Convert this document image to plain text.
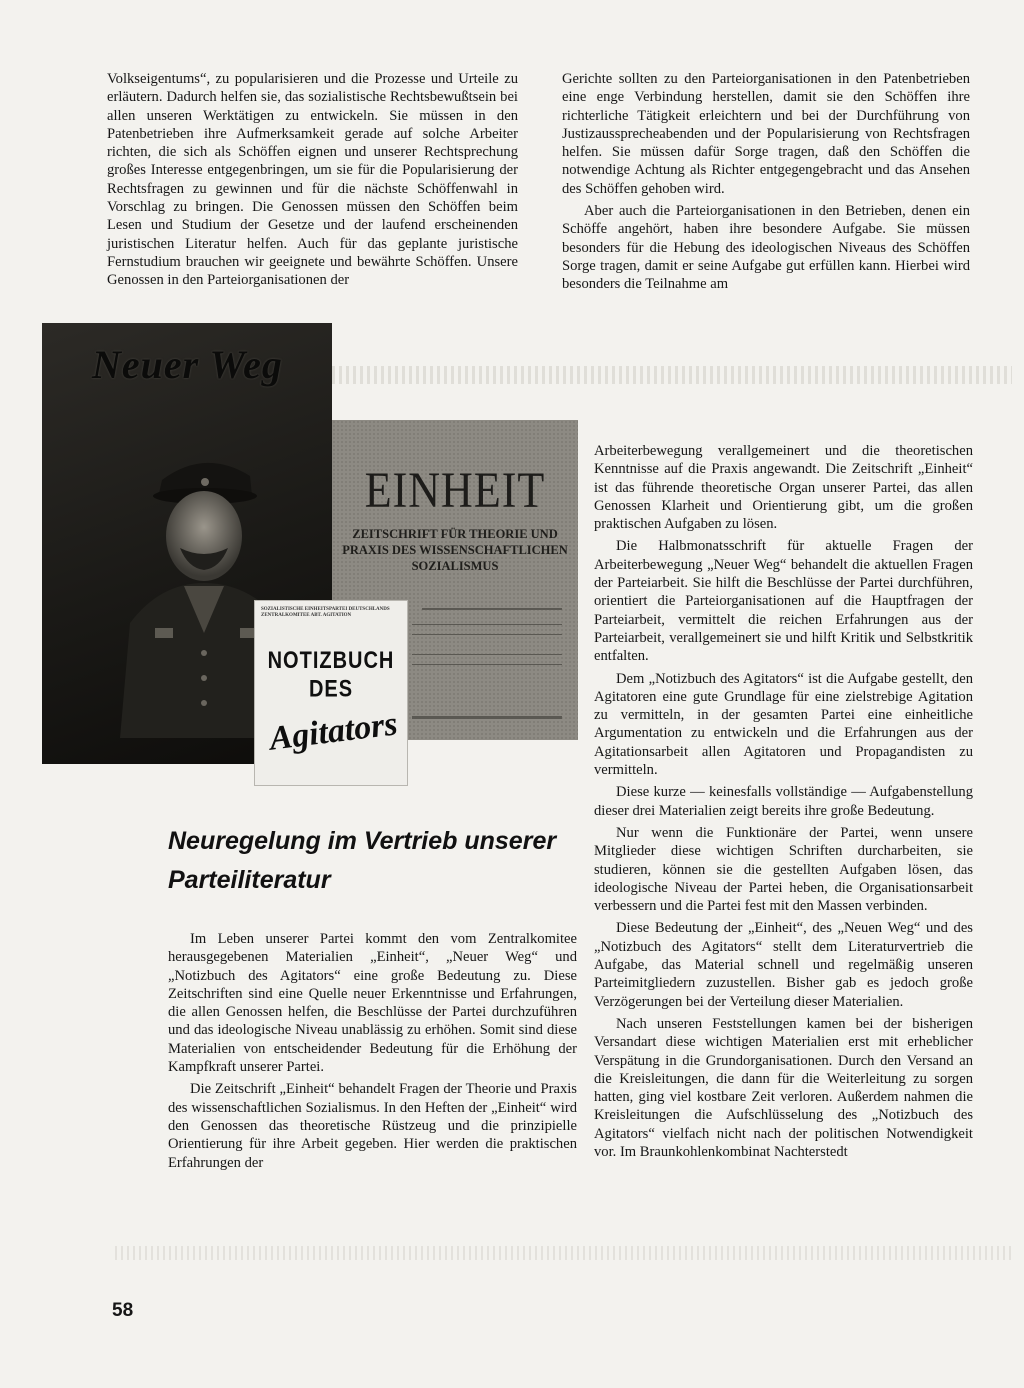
Volkseigentums“, zu popularisieren und die Prozesse und Urteile zu erläutern. Dadurch helfen sie, das sozialistische Rechtsbewußtsein bei allen unseren Werktätigen zu entwickeln. Sie müssen in den Patenbetrieben ihre Aufmerksamkeit gerade auf solche Arbeiter richten, die sich als Schöffen eignen und unserer Rechtsprechung großes Interesse entgegenbringen, um sie für die Popularisierung der Rechtsfragen zu gewinnen und für die nächste Schöffenwahl in Vorschlag zu bringen. Die Genossen müssen den Schöffen beim Lesen und Studium der Gesetze und der laufend erscheinenden juristischen Literatur helfen. Auch für das geplante juristische Fernstudium brauchen wir geeignete und bewährte Schöffen. Unsere Genossen in den Parteiorganisationen der

Gerichte sollten zu den Parteiorganisationen in den Patenbetrieben eine enge Verbindung herstellen, damit sie den Schöffen ihre richterliche Tätigkeit erleichtern und bei der Durchführung von Justizaussprecheabenden und der Popularisierung von Rechtsfragen helfen. Sie müssen dafür Sorge tragen, daß den Schöffen die notwendige Achtung als Richter entgegengebracht und das Ansehen des Schöffen gehoben wird.

Aber auch die Parteiorganisationen in den Betrieben, denen ein Schöffe angehört, haben ihre besondere Aufgabe. Sie müssen besonders für die Hebung des ideologischen Niveaus des Schöffen Sorge tragen, damit er seine Aufgabe gut erfüllen kann. Hierbei wird besonders die Teilnahme am

Neuer Weg
EINHEIT
ZEITSCHRIFT FÜR THEORIE UND PRAXIS DES WISSENSCHAFTLICHEN SOZIALISMUS
SOZIALISTISCHE EINHEITSPARTEI DEUTSCHLANDS ZENTRALKOMITEE ABT. AGITATION
NOTIZBUCH DES
Agitators
Neuregelung im Vertrieb unserer Parteiliteratur

Arbeiterbewegung verallgemeinert und die theoretischen Kenntnisse auf die Praxis angewandt. Die Zeitschrift „Einheit“ ist das führende theoretische Organ unserer Partei, das allen Genossen Klarheit und Orientierung gibt, um die großen praktischen Aufgaben zu lösen.

Die Halbmonatsschrift für aktuelle Fragen der Arbeiterbewegung „Neuer Weg“ behandelt die aktuellen Fragen der Parteiarbeit. Sie hilft die Beschlüsse der Partei durchführen, orientiert die Parteiorganisationen auf die Hauptfragen der Parteiarbeit, vermittelt die reichen Erfahrungen aus der Parteiarbeit, verallgemeinert sie und hilft Kritik und Selbstkritik entfalten.

Dem „Notizbuch des Agitators“ ist die Aufgabe gestellt, den Agitatoren eine gute Grundlage für eine zielstrebige Agitation zu vermitteln, in der gesamten Partei eine einheitliche Argumentation zu entwickeln und die Erfahrungen aus der Agitationsarbeit allen Agitatoren und Propagandisten zu vermitteln.

Diese kurze — keinesfalls vollständige — Aufgabenstellung dieser drei Materialien zeigt bereits ihre große Bedeutung.

Nur wenn die Funktionäre der Partei, wenn unsere Mitglieder diese wichtigen Schriften durcharbeiten, sie studieren, können sie die gestellten Aufgaben lösen, das ideologische Niveau der Partei heben, die Organisationsarbeit verbessern und die Partei fest mit den Massen verbinden.

Diese Bedeutung der „Einheit“, des „Neuen Weg“ und des „Notizbuch des Agitators“ stellt dem Literaturvertrieb die Aufgabe, das Material schnell und regelmäßig unseren Parteimitgliedern zuzustellen. Bisher gab es jedoch große Verzögerungen bei der Verteilung dieser Materialien.

Nach unseren Feststellungen kamen bei der bisherigen Versandart diese wichtigen Materialien erst mit erheblicher Verspätung in die Grundorganisationen. Durch den Versand an die Kreisleitungen, die dann für die Weiterleitung zu sorgen hatten, ging viel kostbare Zeit verloren. Außerdem nahmen die Kreisleitungen die Aufschlüsselung des „Notizbuch des Agitators“ vielfach nicht nach der politischen Notwendigkeit vor. Im Braunkohlenkombinat Nachterstedt

Im Leben unserer Partei kommt den vom Zentralkomitee herausgegebenen Materialien „Einheit“, „Neuer Weg“ und „Notizbuch des Agitators“ eine große Bedeutung zu. Diese Zeitschriften sind eine Quelle neuer Erkenntnisse und Erfahrungen, die allen Genossen helfen, die Beschlüsse der Partei durchzuführen und das ideologische Niveau unablässig zu erhöhen. Somit sind diese Materialien von entscheidender Bedeutung für die Erhöhung der Kampfkraft unserer Partei.

Die Zeitschrift „Einheit“ behandelt Fragen der Theorie und Praxis des wissenschaftlichen Sozialismus. In den Heften der „Einheit“ wird den Genossen das theoretische Rüstzeug und die prinzipielle Orientierung für ihre Arbeit gegeben. Hier werden die praktischen Erfahrungen der

58
